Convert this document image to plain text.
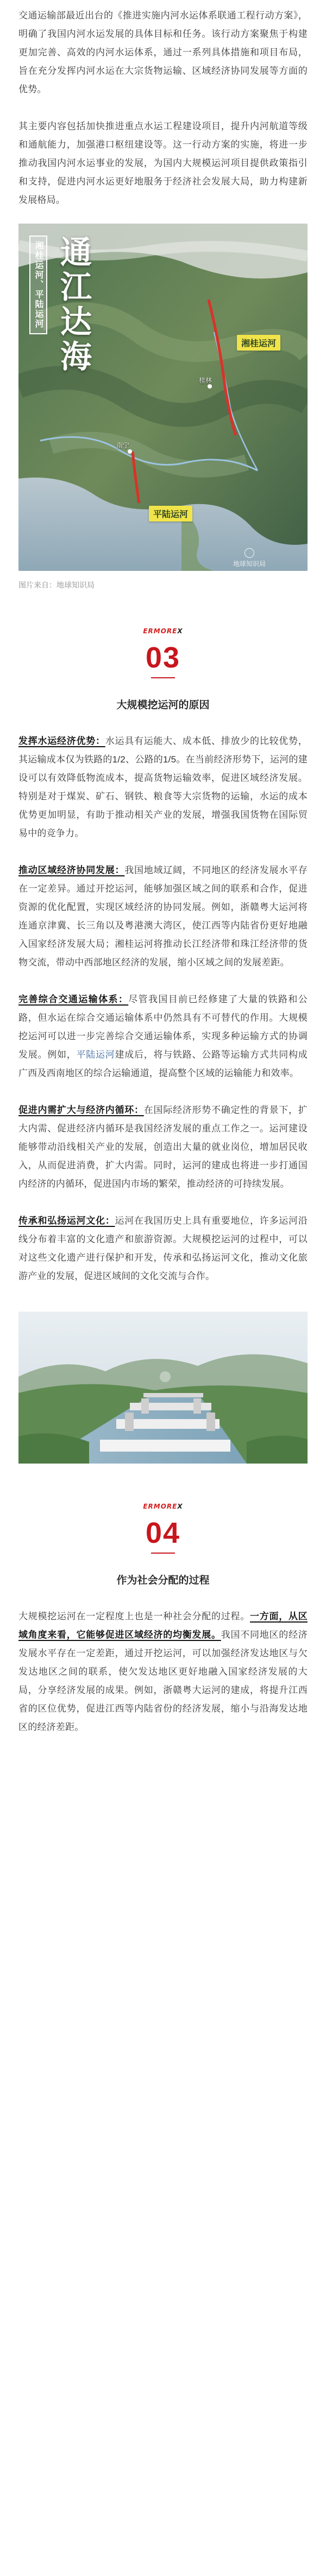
交通运输部最近出台的《推进实施内河水运体系联通工程行动方案》，明确了我国内河水运发展的具体目标和任务。该行动方案聚焦于构建更加完善、高效的内河水运体系，通过一系列具体措施和项目布局，旨在充分发挥内河水运在大宗货物运输、区域经济协同发展等方面的优势。

其主要内容包括加快推进重点水运工程建设项目，提升内河航道等级和通航能力，加强港口枢纽建设等。这一行动方案的实施，将进一步推动我国内河水运事业的发展，为国内大规模运河项目提供政策指引和支持，促进内河水运更好地服务于经济社会发展大局，助力构建新发展格局。

湘桂运河、平陆运河 通江达海	湘桂运河
平陆运河
桂林
南宁
地球知识局
图片来自：地球知识局
ERMOREX
03
大规模挖运河的原因

发挥水运经济优势：水运具有运能大、成本低、排放少的比较优势，其运输成本仅为铁路的1/2、公路的1/5。在当前经济形势下，运河的建设可以有效降低物流成本，提高货物运输效率，促进区域经济发展。特别是对于煤炭、矿石、钢铁、粮食等大宗货物的运输，水运的成本优势更加明显，有助于推动相关产业的发展，增强我国货物在国际贸易中的竞争力。

推动区域经济协同发展：我国地域辽阔，不同地区的经济发展水平存在一定差异。通过开挖运河，能够加强区域之间的联系和合作，促进资源的优化配置，实现区域经济的协同发展。例如，浙赣粤大运河将连通京津冀、长三角以及粤港澳大湾区，使江西等内陆省份更好地融入国家经济发展大局；湘桂运河将推动长江经济带和珠江经济带的货物交流，带动中西部地区经济的发展，缩小区域之间的发展差距。

完善综合交通运输体系：尽管我国目前已经修建了大量的铁路和公路，但水运在综合交通运输体系中仍然具有不可替代的作用。大规模挖运河可以进一步完善综合交通运输体系，实现多种运输方式的协调发展。例如，平陆运河建成后，将与铁路、公路等运输方式共同构成广西及西南地区的综合运输通道，提高整个区域的运输能力和效率。

促进内需扩大与经济内循环：在国际经济形势不确定性的背景下，扩大内需、促进经济内循环是我国经济发展的重点工作之一。运河建设能够带动沿线相关产业的发展，创造出大量的就业岗位，增加居民收入，从而促进消费，扩大内需。同时，运河的建成也将进一步打通国内经济的内循环，促进国内市场的繁荣，推动经济的可持续发展。

传承和弘扬运河文化：运河在我国历史上具有重要地位，许多运河沿线分布着丰富的文化遗产和旅游资源。大规模挖运河的过程中，可以对这些文化遗产进行保护和开发，传承和弘扬运河文化，推动文化旅游产业的发展，促进区域间的文化交流与合作。

ERMOREX
04
作为社会分配的过程

大规模挖运河在一定程度上也是一种社会分配的过程。一方面，从区域角度来看，它能够促进区域经济的均衡发展。我国不同地区的经济发展水平存在一定差距，通过开挖运河，可以加强经济发达地区与欠发达地区之间的联系，使欠发达地区更好地融入国家经济发展的大局，分享经济发展的成果。例如，浙赣粤大运河的建成，将提升江西省的区位优势，促进江西等内陆省份的经济发展，缩小与沿海发达地区的经济差距。
